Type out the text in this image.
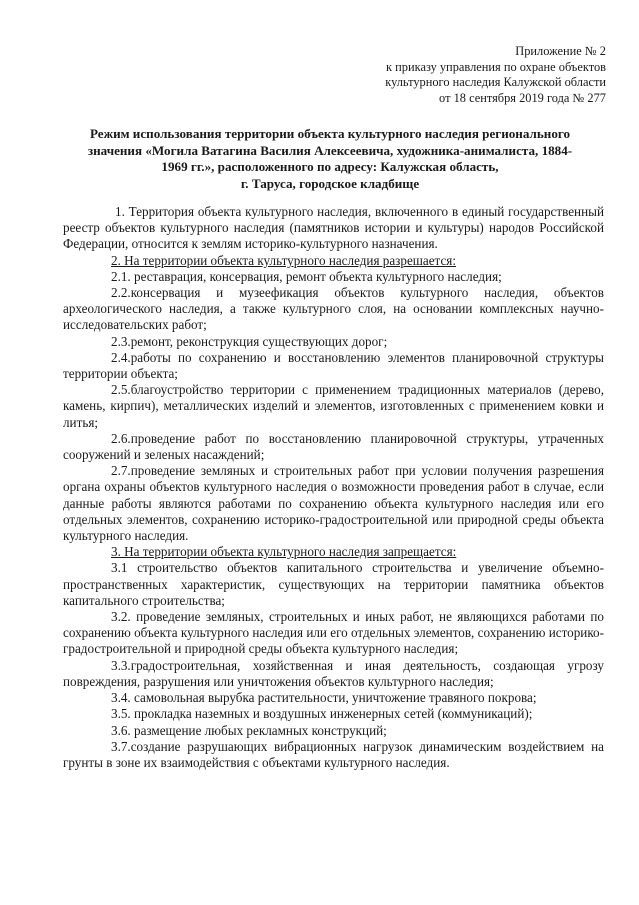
Приложение № 2
к приказу управления по охране объектов
культурного наследия Калужской области
от 18 сентября 2019 года № 277
Режим использования территории объекта культурного наследия регионального
значения «Могила Ватагина Василия Алексеевича, художника-анималиста, 1884-
1969 гг.», расположенного по адресу: Калужская область,
г. Таруса, городское кладбище

1. Территория объекта культурного наследия, включенного в единый государственный реестр объектов культурного наследия (памятников истории и культуры) народов Российской Федерации, относится к землям историко-культурного назначения.

2. На территории объекта культурного наследия разрешается:

2.1. реставрация, консервация, ремонт объекта культурного наследия;

2.2.консервация и музеефикация объектов культурного наследия, объектов археологического наследия, а также культурного слоя, на основании комплексных научно-исследовательских работ;

2.3.ремонт, реконструкция существующих дорог;

2.4.работы по сохранению и восстановлению элементов планировочной структуры территории объекта;

2.5.благоустройство территории с применением традиционных материалов (дерево, камень, кирпич), металлических изделий и элементов, изготовленных с применением ковки и литья;

2.6.проведение работ по восстановлению планировочной структуры, утраченных сооружений и зеленых насаждений;

2.7.проведение земляных и строительных работ при условии получения разрешения органа охраны объектов культурного наследия о возможности проведения работ в случае, если данные работы являются работами по сохранению объекта культурного наследия или его отдельных элементов, сохранению историко-градостроительной или природной среды объекта культурного наследия.

3. На территории объекта культурного наследия запрещается:

3.1 строительство объектов капитального строительства и увеличение объемно-пространственных характеристик, существующих на территории памятника объектов капитального строительства;

3.2. проведение земляных, строительных и иных работ, не являющихся работами по сохранению объекта культурного наследия или его отдельных элементов, сохранению историко-градостроительной и природной среды объекта культурного наследия;

3.3.градостроительная, хозяйственная и иная деятельность, создающая угрозу повреждения, разрушения или уничтожения объектов культурного наследия;

3.4. самовольная вырубка растительности, уничтожение травяного покрова;

3.5. прокладка наземных и воздушных инженерных сетей (коммуникаций);

3.6. размещение любых рекламных конструкций;

3.7.создание разрушающих вибрационных нагрузок динамическим воздействием на грунты в зоне их взаимодействия с объектами культурного наследия.
